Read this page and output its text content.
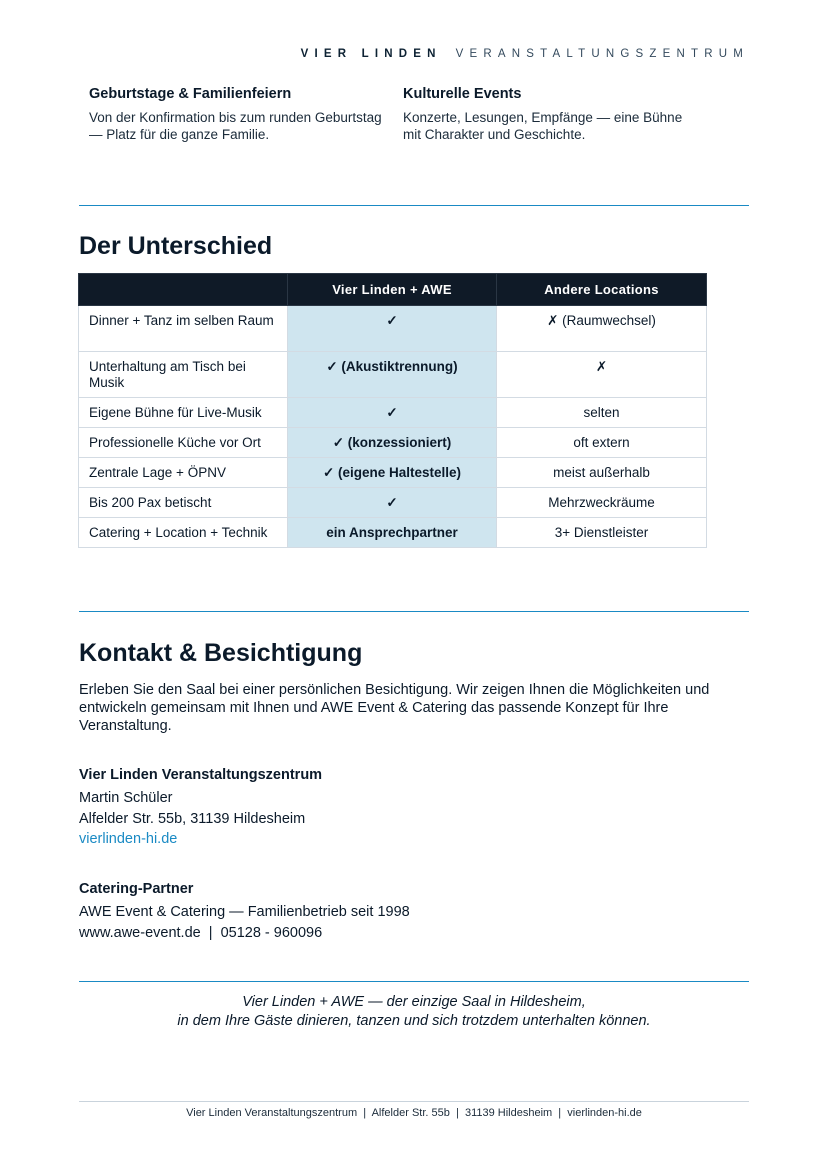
VIER LINDEN VERANSTALTUNGSZENTRUM
Geburtstage & Familienfeiern

Von der Konfirmation bis zum runden Geburtstag — Platz für die ganze Familie.

Kulturelle Events

Konzerte, Lesungen, Empfänge — eine Bühne mit Charakter und Geschichte.

Der Unterschied
	Vier Linden + AWE	Andere Locations
Dinner + Tanz im selben Raum	✓	✗ (Raumwechsel)
Unterhaltung am Tisch bei Musik	✓ (Akustiktrennung)	✗
Eigene Bühne für Live-Musik	✓	selten
Professionelle Küche vor Ort	✓ (konzessioniert)	oft extern
Zentrale Lage + ÖPNV	✓ (eigene Haltestelle)	meist außerhalb
Bis 200 Pax betischt	✓	Mehrzweckräume
Catering + Location + Technik	ein Ansprechpartner	3+ Dienstleister
Kontakt & Besichtigung

Erleben Sie den Saal bei einer persönlichen Besichtigung. Wir zeigen Ihnen die Möglichkeiten und entwickeln gemeinsam mit Ihnen und AWE Event & Catering das passende Konzept für Ihre Veranstaltung.

Vier Linden Veranstaltungszentrum
Martin Schüler
Alfelder Str. 55b, 31139 Hildesheim
vierlinden-hi.de
Catering-Partner
AWE Event & Catering — Familienbetrieb seit 1998
www.awe-event.de  |  05128 - 960096
Vier Linden + AWE — der einzige Saal in Hildesheim,
in dem Ihre Gäste dinieren, tanzen und sich trotzdem unterhalten können.
Vier Linden Veranstaltungszentrum  |  Alfelder Str. 55b  |  31139 Hildesheim  |  vierlinden-hi.de
